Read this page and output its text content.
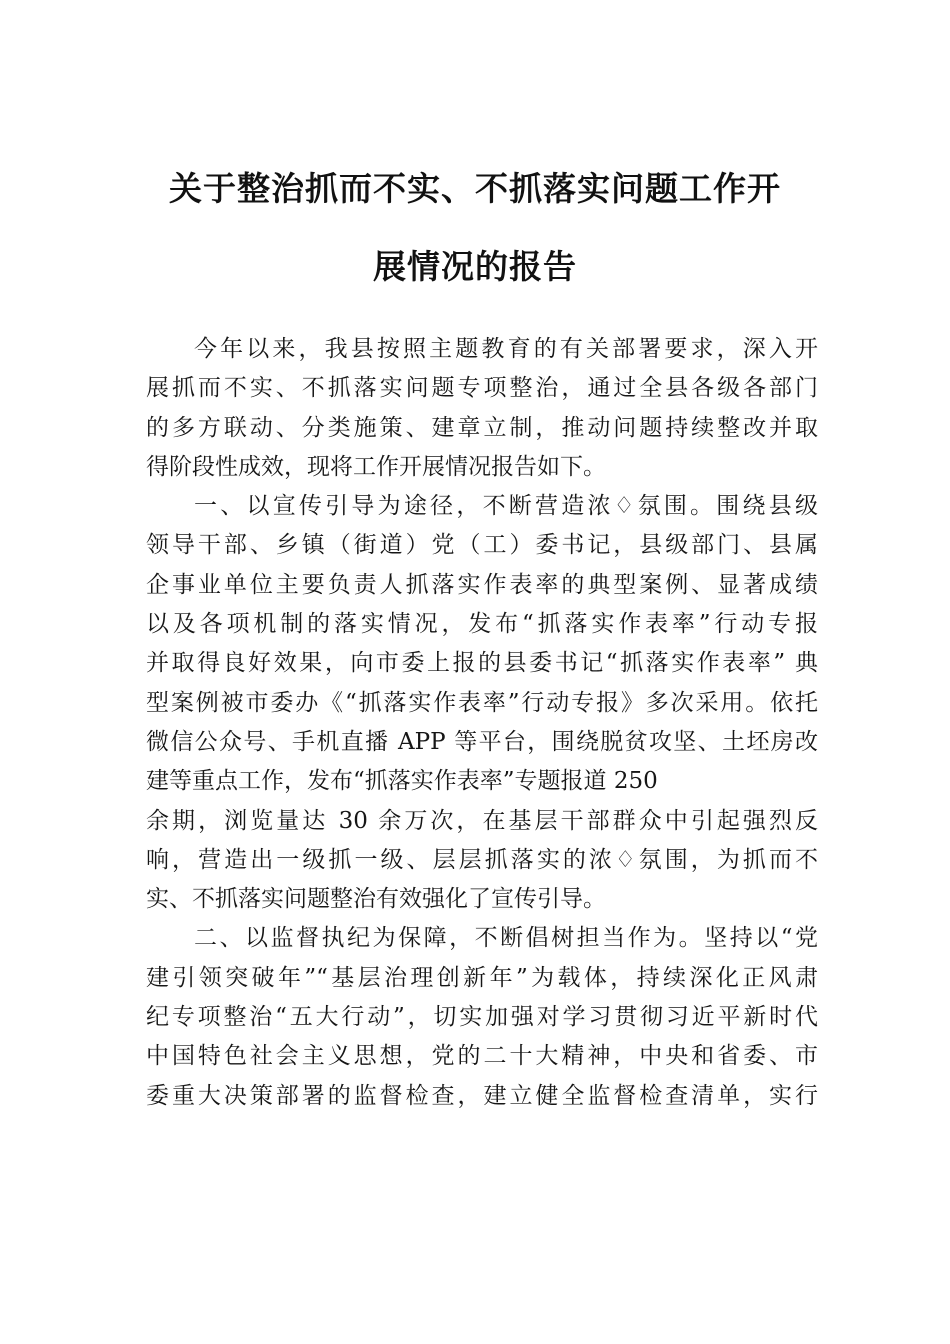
关于整治抓而不实、不抓落实问题工作开
展情况的报告
今年以来，我县按照主题教育的有关部署要求，深入开
展抓而不实、不抓落实问题专项整治，通过全县各级各部门
的多方联动、分类施策、建章立制，推动问题持续整改并取
得阶段性成效，现将工作开展情况报告如下。
一、以宣传引导为途径，不断营造浓♢氛围。围绕县级
领导干部、乡镇（街道）党（工）委书记，县级部门、县属
企事业单位主要负责人抓落实作表率的典型案例、显著成绩
以及各项机制的落实情况，发布“抓落实作表率”行动专报
并取得良好效果，向市委上报的县委书记“抓落实作表率” 典
型案例被市委办《“抓落实作表率”行动专报》多次采用。依托
微信公众号、手机直播 APP 等平台，围绕脱贫攻坚、土坯房改
建等重点工作，发布“抓落实作表率”专题报道 250
余期，浏览量达 30 余万次，在基层干部群众中引起强烈反
响，营造出一级抓一级、层层抓落实的浓♢氛围，为抓而不
实、不抓落实问题整治有效强化了宣传引导。
二、以监督执纪为保障，不断倡树担当作为。坚持以“党
建引领突破年”“基层治理创新年”为载体，持续深化正风肃
纪专项整治“五大行动”，切实加强对学习贯彻习近平新时代
中国特色社会主义思想，党的二十大精神，中央和省委、市
委重大决策部署的监督检查，建立健全监督检查清单，实行
